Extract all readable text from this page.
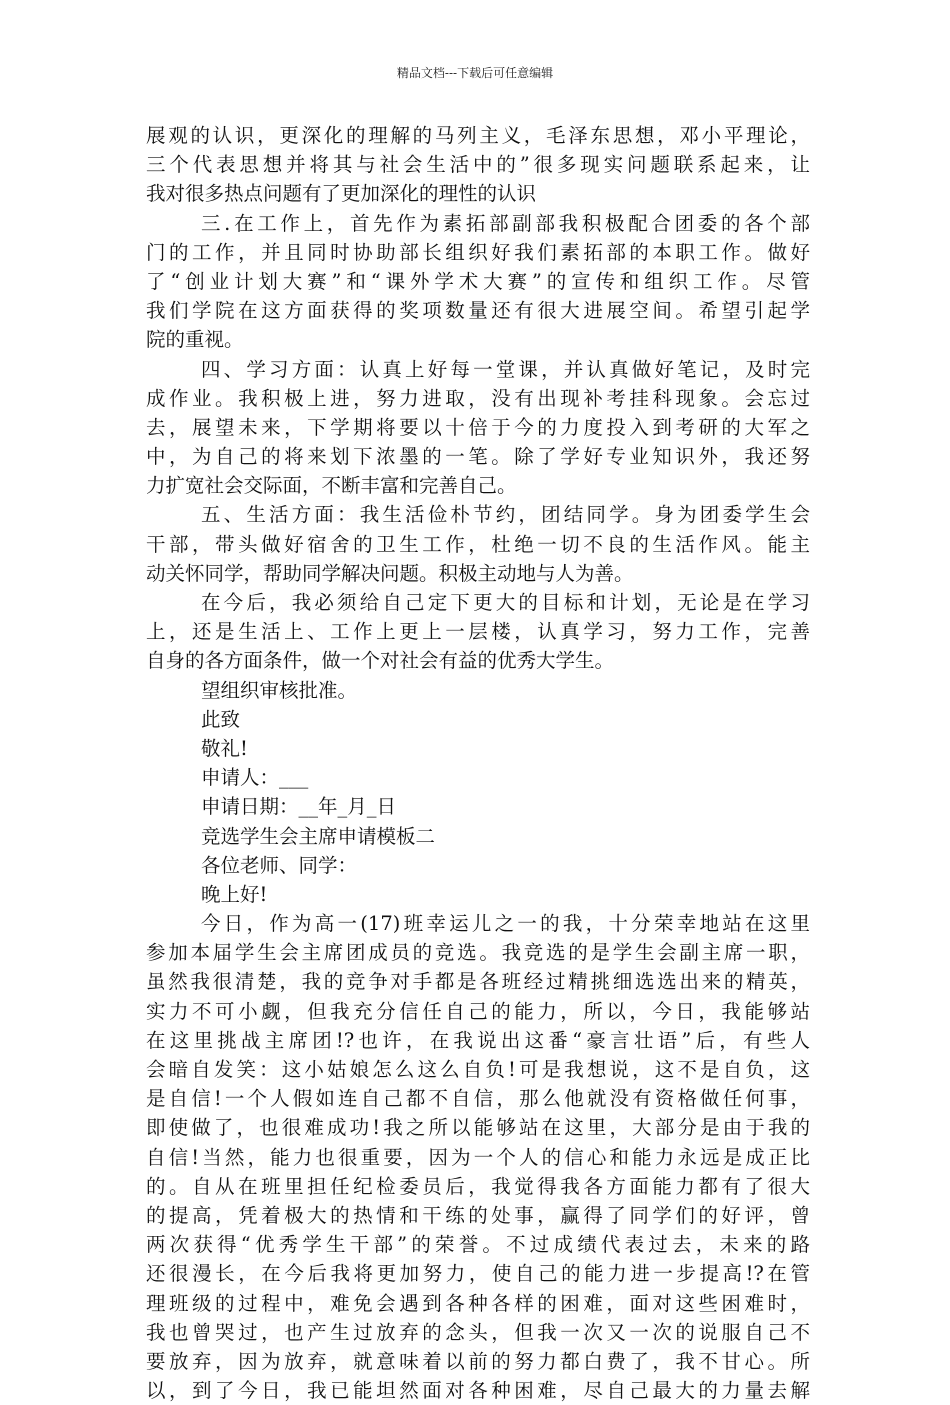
精品文档---下载后可任意编辑
展观的认识，更深化的理解的马列主义，毛泽东思想，邓小平理论，
三个代表思想并将其与社会生活中的”很多现实问题联系起来，让
我对很多热点问题有了更加深化的理性的认识
三.在工作上，首先作为素拓部副部我积极配合团委的各个部
门的工作，并且同时协助部长组织好我们素拓部的本职工作。做好
了“创业计划大赛”和“课外学术大赛”的宣传和组织工作。尽管
我们学院在这方面获得的奖项数量还有很大进展空间。希望引起学
院的重视。
四、学习方面：认真上好每一堂课，并认真做好笔记，及时完
成作业。我积极上进，努力进取，没有出现补考挂科现象。会忘过
去，展望未来，下学期将要以十倍于今的力度投入到考研的大军之
中，为自己的将来划下浓墨的一笔。除了学好专业知识外，我还努
力扩宽社会交际面，不断丰富和完善自己。
五、生活方面：我生活俭朴节约，团结同学。身为团委学生会
干部，带头做好宿舍的卫生工作，杜绝一切不良的生活作风。能主
动关怀同学，帮助同学解决问题。积极主动地与人为善。
在今后，我必须给自己定下更大的目标和计划，无论是在学习
上，还是生活上、工作上更上一层楼，认真学习，努力工作，完善
自身的各方面条件，做一个对社会有益的优秀大学生。
望组织审核批准。
此致
敬礼!
申请人：___
申请日期：__年_月_日
竞选学生会主席申请模板二
各位老师、同学：
晚上好!
今日，作为高一(17)班幸运儿之一的我，十分荣幸地站在这里
参加本届学生会主席团成员的竞选。我竞选的是学生会副主席一职，
虽然我很清楚，我的竞争对手都是各班经过精挑细选选出来的精英，
实力不可小觑，但我充分信任自己的能力，所以，今日，我能够站
在这里挑战主席团!?也许，在我说出这番“豪言壮语”后，有些人
会暗自发笑：这小姑娘怎么这么自负!可是我想说，这不是自负，这
是自信!一个人假如连自己都不自信，那么他就没有资格做任何事，
即使做了，也很难成功!我之所以能够站在这里，大部分是由于我的
自信!当然，能力也很重要，因为一个人的信心和能力永远是成正比
的。自从在班里担任纪检委员后，我觉得我各方面能力都有了很大
的提高，凭着极大的热情和干练的处事，赢得了同学们的好评，曾
两次获得“优秀学生干部”的荣誉。不过成绩代表过去，未来的路
还很漫长，在今后我将更加努力，使自己的能力进一步提高!?在管
理班级的过程中，难免会遇到各种各样的困难，面对这些困难时，
我也曾哭过，也产生过放弃的念头，但我一次又一次的说服自己不
要放弃，因为放弃，就意味着以前的努力都白费了，我不甘心。所
以，到了今日，我已能坦然面对各种困难，尽自己最大的力量去解
